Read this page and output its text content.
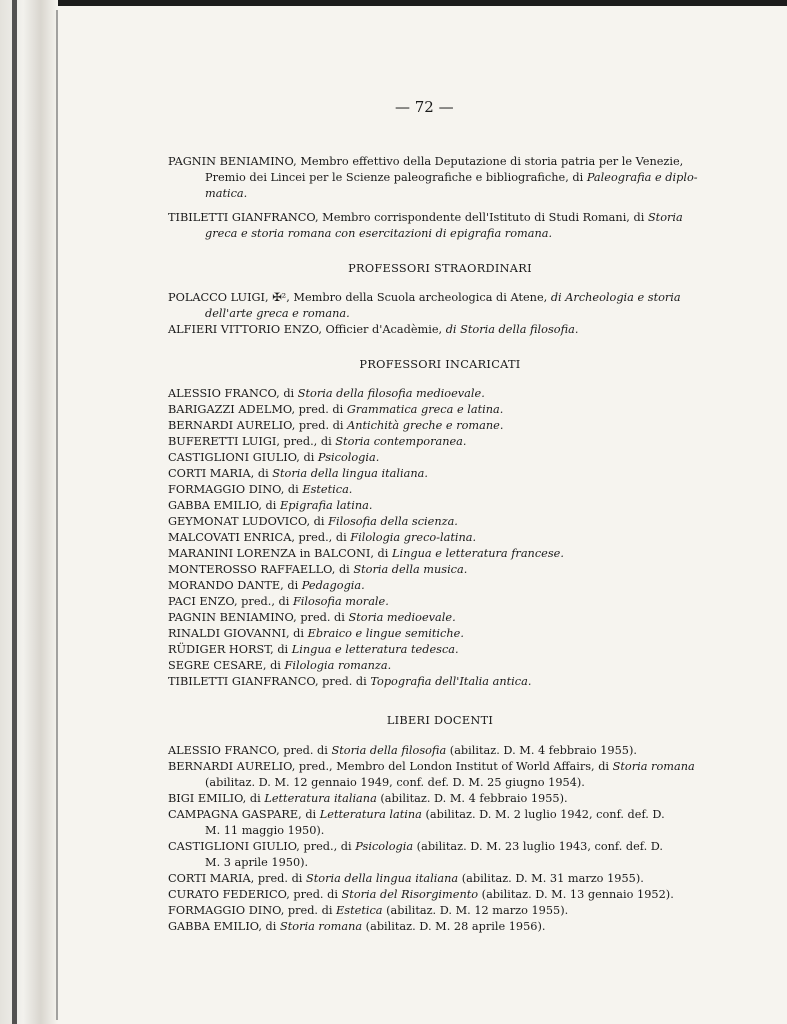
— 72 —
PAGNIN BENIAMINO, Membro effettivo della Deputazione di storia patria per le Venezie,
Premio dei Lincei per le Scienze paleografiche e bibliografiche, di Paleografia e diplo-
matica.
TIBILETTI GIANFRANCO, Membro corrispondente dell'Istituto di Studi Romani, di Storia
greca e storia romana con esercitazioni di epigrafia romana.
PROFESSORI STRAORDINARI
POLACCO LUIGI, ✠², Membro della Scuola archeologica di Atene, di Archeologia e storia
dell'arte greca e romana.
ALFIERI VITTORIO ENZO, Officier d'Acadèmie, di Storia della filosofia.
PROFESSORI INCARICATI
ALESSIO FRANCO, di Storia della filosofia medioevale.
BARIGAZZI ADELMO, pred. di Grammatica greca e latina.
BERNARDI AURELIO, pred. di Antichità greche e romane.
BUFERETTI LUIGI, pred., di Storia contemporanea.
CASTIGLIONI GIULIO, di Psicologia.
CORTI MARIA, di Storia della lingua italiana.
FORMAGGIO DINO, di Estetica.
GABBA EMILIO, di Epigrafia latina.
GEYMONAT LUDOVICO, di Filosofia della scienza.
MALCOVATI ENRICA, pred., di Filologia greco-latina.
MARANINI LORENZA in BALCONI, di Lingua e letteratura francese.
MONTEROSSO RAFFAELLO, di Storia della musica.
MORANDO DANTE, di Pedagogia.
PACI ENZO, pred., di Filosofia morale.
PAGNIN BENIAMINO, pred. di Storia medioevale.
RINALDI GIOVANNI, di Ebraico e lingue semitiche.
RÜDIGER HORST, di Lingua e letteratura tedesca.
SEGRE CESARE, di Filologia romanza.
TIBILETTI GIANFRANCO, pred. di Topografia dell'Italia antica.
LIBERI DOCENTI
ALESSIO FRANCO, pred. di Storia della filosofia (abilitaz. D. M. 4 febbraio 1955).
BERNARDI AURELIO, pred., Membro del London Institut of World Affairs, di Storia romana
(abilitaz. D. M. 12 gennaio 1949, conf. def. D. M. 25 giugno 1954).
BIGI EMILIO, di Letteratura italiana (abilitaz. D. M. 4 febbraio 1955).
CAMPAGNA GASPARE, di Letteratura latina (abilitaz. D. M. 2 luglio 1942, conf. def. D.
M. 11 maggio 1950).
CASTIGLIONI GIULIO, pred., di Psicologia (abilitaz. D. M. 23 luglio 1943, conf. def. D.
M. 3 aprile 1950).
CORTI MARIA, pred. di Storia della lingua italiana (abilitaz. D. M. 31 marzo 1955).
CURATO FEDERICO, pred. di Storia del Risorgimento (abilitaz. D. M. 13 gennaio 1952).
FORMAGGIO DINO, pred. di Estetica (abilitaz. D. M. 12 marzo 1955).
GABBA EMILIO, di Storia romana (abilitaz. D. M. 28 aprile 1956).
